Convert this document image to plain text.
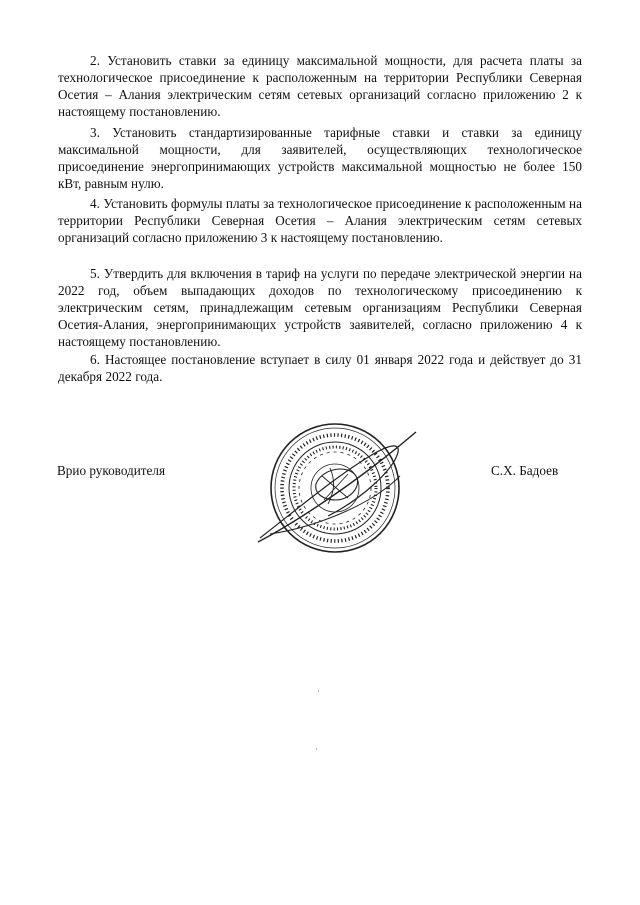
2. Установить ставки за единицу максимальной мощности, для расчета платы за технологическое присоединение к расположенным на территории Республики Северная Осетия – Алания электрическим сетям сетевых организаций согласно приложению 2 к настоящему постановлению.

3. Установить стандартизированные тарифные ставки и ставки за единицу максимальной мощности, для заявителей, осуществляющих технологическое присоединение энергопринимающих устройств максимальной мощностью не более 150 кВт, равным нулю.

4. Установить формулы платы за технологическое присоединение к расположенным на территории Республики Северная Осетия – Алания электрическим сетям сетевых организаций согласно приложению 3 к настоящему постановлению.

5. Утвердить для включения в тариф на услуги по передаче электрической энергии на 2022 год, объем выпадающих доходов по технологическому присоединению к электрическим сетям, принадлежащим сетевым организациям Республики Северная Осетия-Алания, энергопринимающих устройств заявителей, согласно приложению 4 к настоящему постановлению.

6. Настоящее постановление вступает в силу 01 января 2022 года и действует до 31 декабря 2022 года.

Врио руководителя	С.Х. Бадоев
